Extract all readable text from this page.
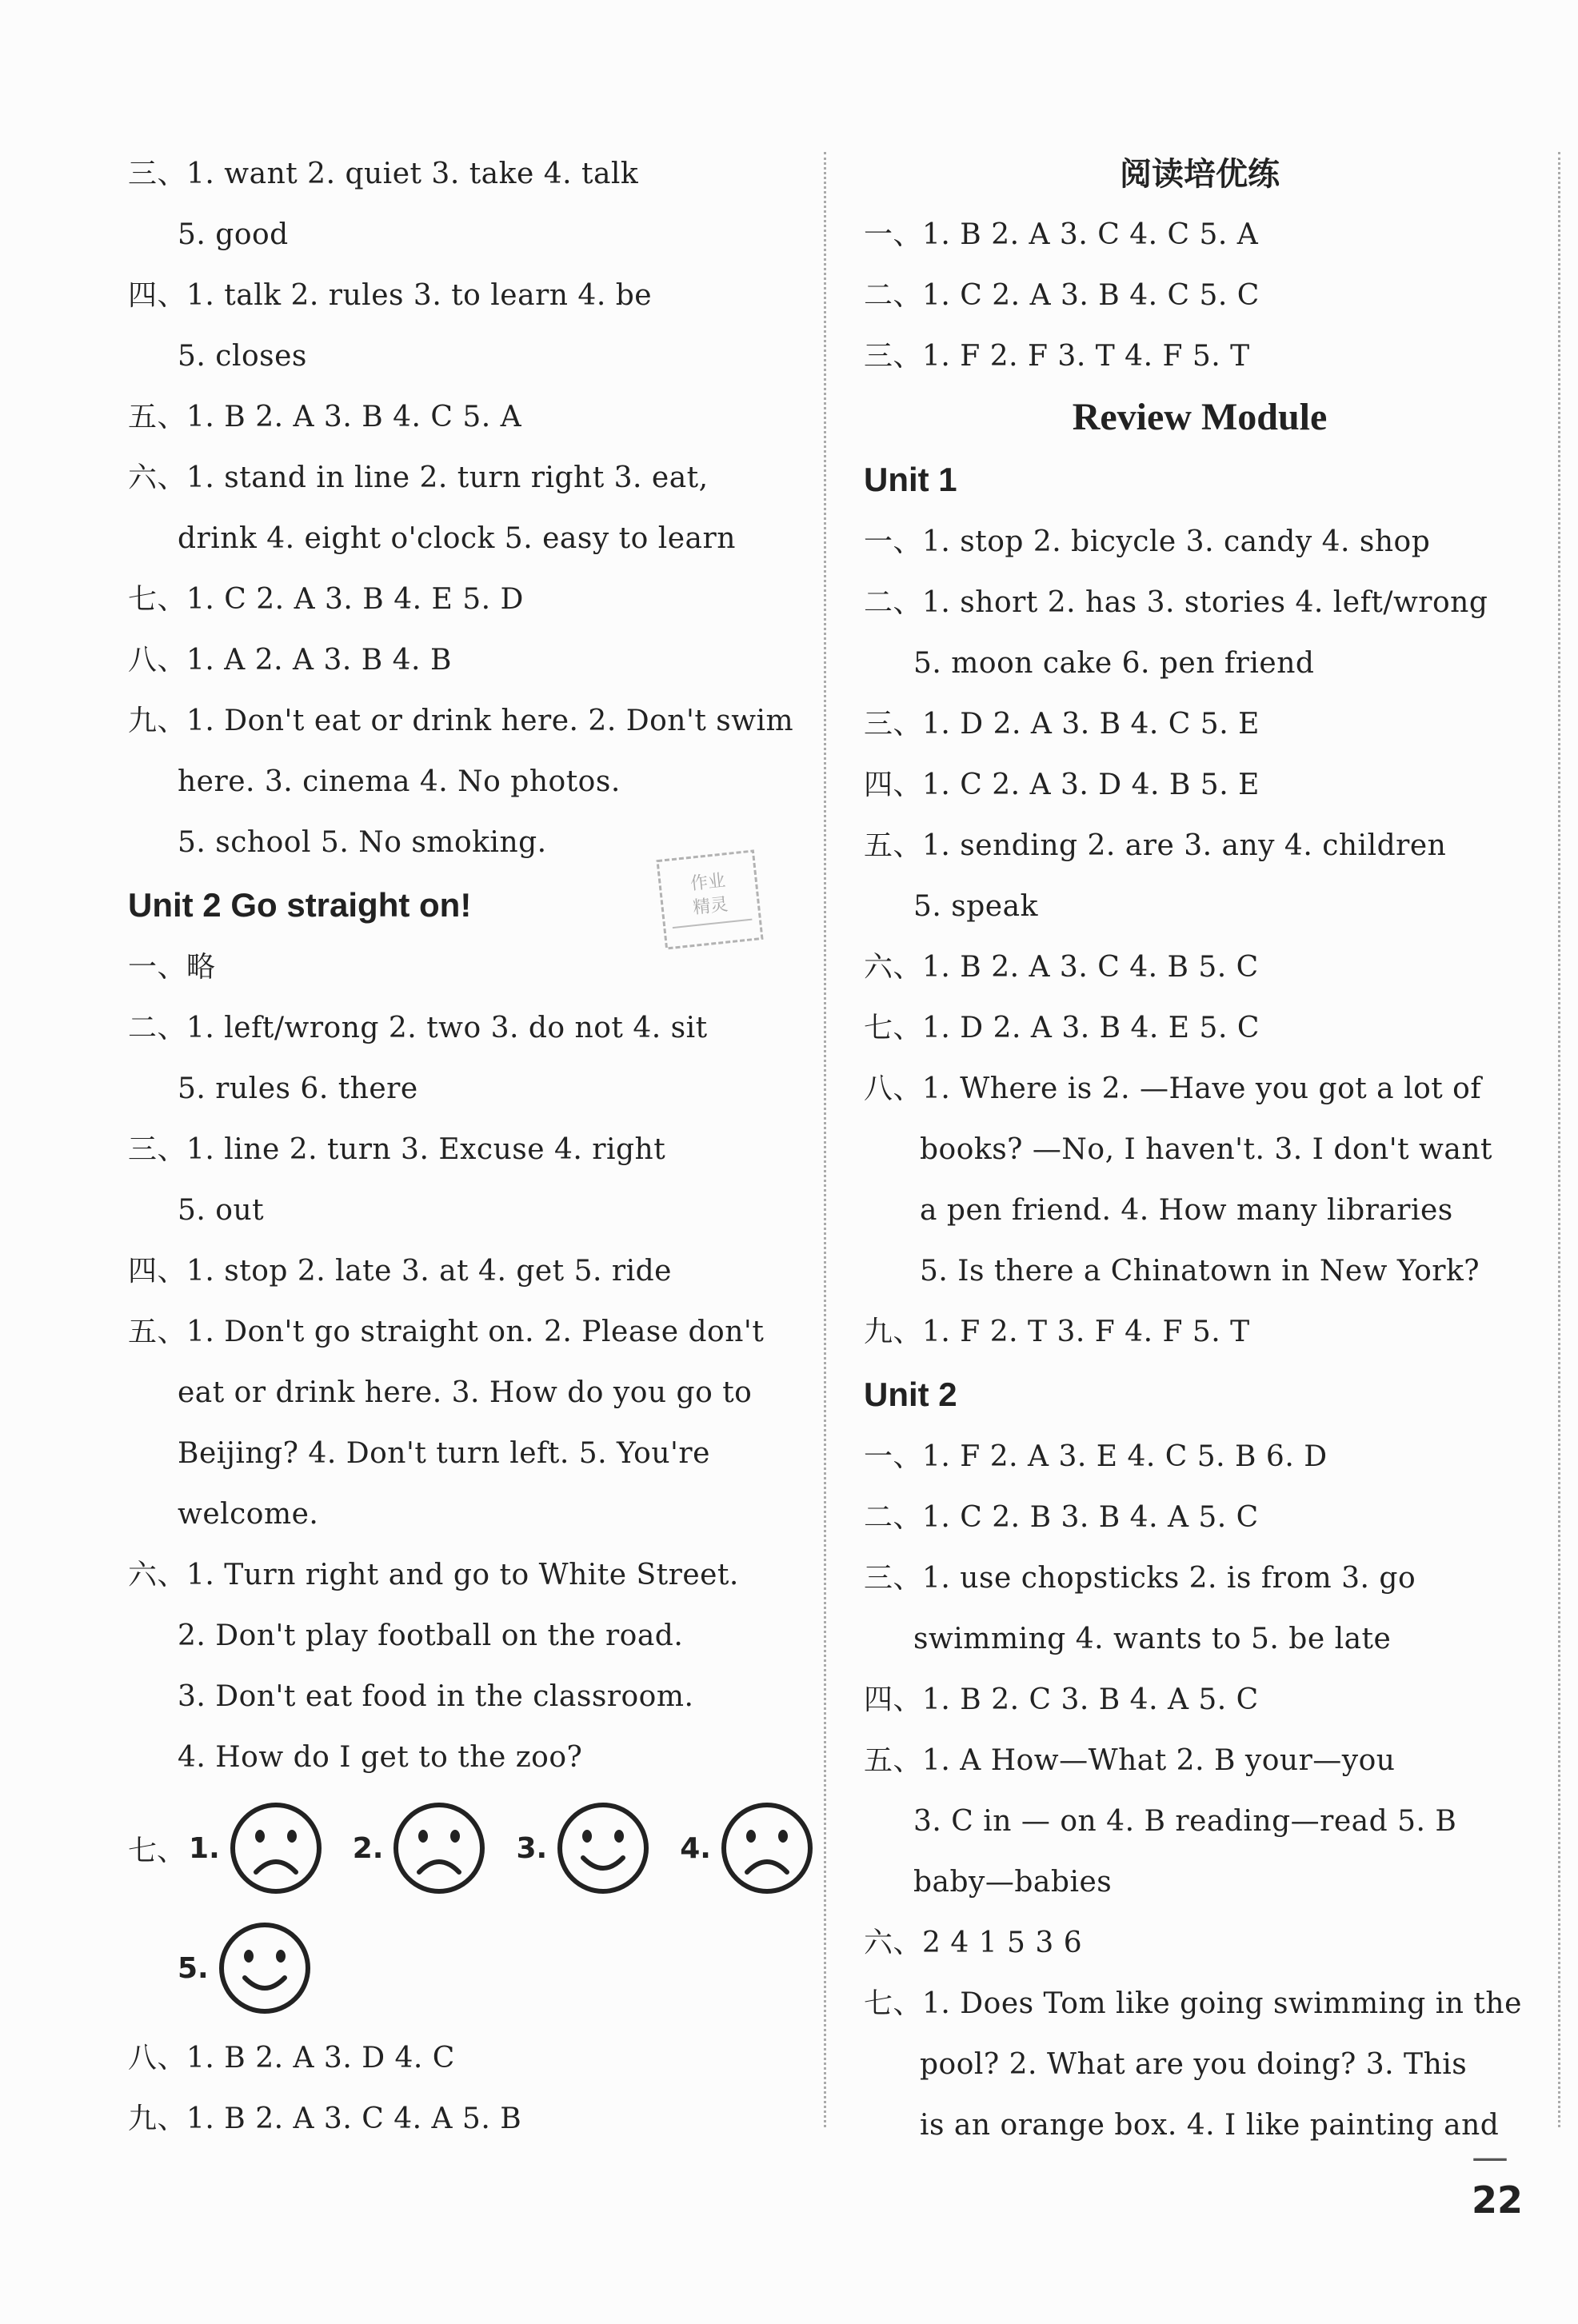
三、1. want 2. quiet 3. take 4. talk
5. good
四、1. talk 2. rules 3. to learn 4. be
5. closes
五、1. B 2. A 3. B 4. C 5. A
六、1. stand in line 2. turn right 3. eat,
drink 4. eight o'clock 5. easy to learn
七、1. C 2. A 3. B 4. E 5. D
八、1. A 2. A 3. B 4. B
九、1. Don't eat or drink here. 2. Don't swim
here. 3. cinema 4. No photos.
5. school 5. No smoking.
Unit 2 Go straight on!
一、略
二、1. left/wrong 2. two 3. do not 4. sit
5. rules 6. there
三、1. line 2. turn 3. Excuse 4. right
5. out
四、1. stop 2. late 3. at 4. get 5. ride
五、1. Don't go straight on. 2. Please don't
eat or drink here. 3. How do you go to
Beijing? 4. Don't turn left. 5. You're
welcome.
六、1. Turn right and go to White Street.
2. Don't play football on the road.
3. Don't eat food in the classroom.
4. How do I get to the zoo?
七、 1.	2.	3.	4.
5.
八、1. B 2. A 3. D 4. C
九、1. B 2. A 3. C 4. A 5. B
作业
精灵
阅读培优练
一、1. B 2. A 3. C 4. C 5. A
二、1. C 2. A 3. B 4. C 5. C
三、1. F 2. F 3. T 4. F 5. T
Review Module
Unit 1
一、1. stop 2. bicycle 3. candy 4. shop
二、1. short 2. has 3. stories 4. left/wrong
5. moon cake 6. pen friend
三、1. D 2. A 3. B 4. C 5. E
四、1. C 2. A 3. D 4. B 5. E
五、1. sending 2. are 3. any 4. children
5. speak
六、1. B 2. A 3. C 4. B 5. C
七、1. D 2. A 3. B 4. E 5. C
八、1. Where is 2. —Have you got a lot of
books? —No, I haven't. 3. I don't want
a pen friend. 4. How many libraries
5. Is there a Chinatown in New York?
九、1. F 2. T 3. F 4. F 5. T
Unit 2
一、1. F 2. A 3. E 4. C 5. B 6. D
二、1. C 2. B 3. B 4. A 5. C
三、1. use chopsticks 2. is from 3. go
swimming 4. wants to 5. be late
四、1. B 2. C 3. B 4. A 5. C
五、1. A How—What 2. B your—you
3. C in — on 4. B reading—read 5. B
baby—babies
六、2 4 1 5 3 6
七、1. Does Tom like going swimming in the
pool? 2. What are you doing? 3. This
is an orange box. 4. I like painting and
— 22
